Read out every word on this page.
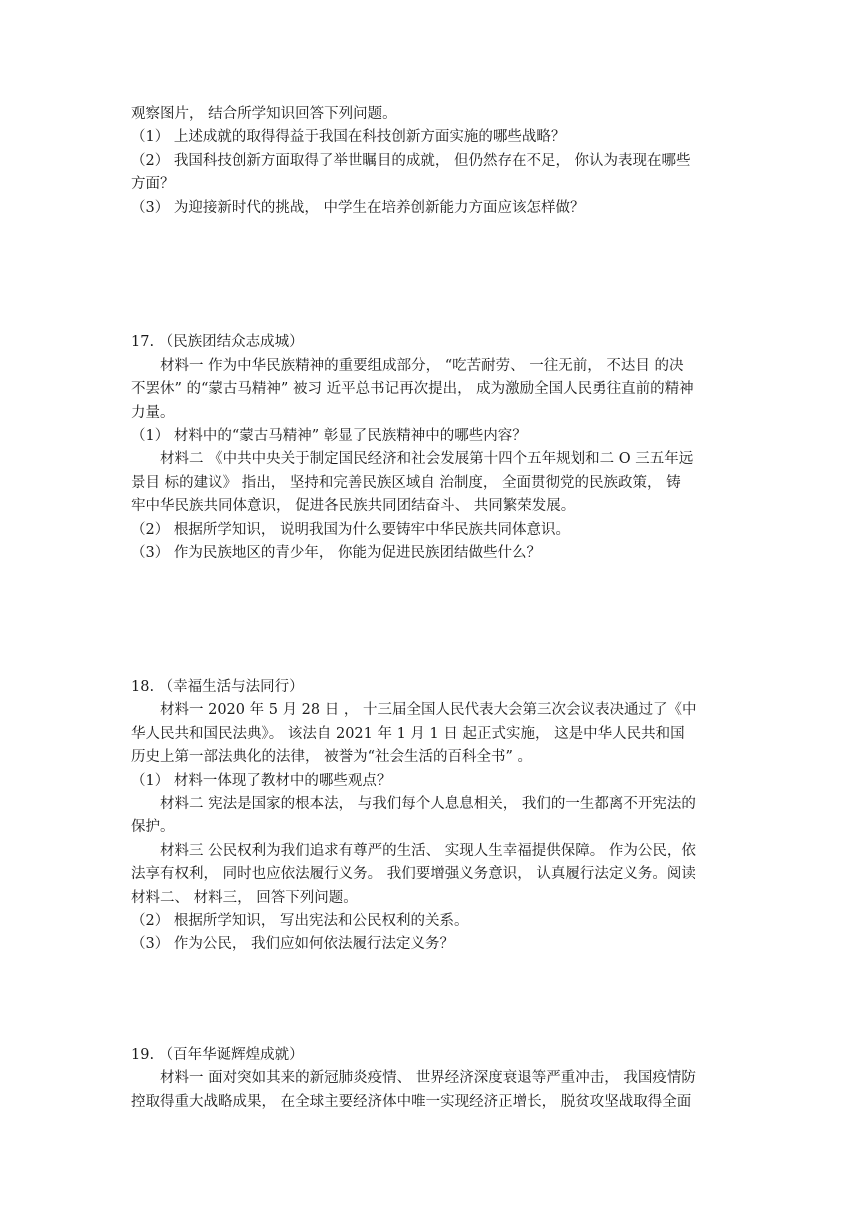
观察图片， 结合所学知识回答下列问题。
（1） 上述成就的取得得益于我国在科技创新方面实施的哪些战略？
（2） 我国科技创新方面取得了举世瞩目的成就， 但仍然存在不足， 你认为表现在哪些
方面？
（3） 为迎接新时代的挑战， 中学生在培养创新能力方面应该怎样做？
17. （民族团结众志成城）
材料一 作为中华民族精神的重要组成部分， “吃苦耐劳、 一往无前， 不达目 的决
不罢休” 的“蒙古马精神” 被习 近平总书记再次提出， 成为激励全国人民勇往直前的精神
力量。
（1） 材料中的“蒙古马精神” 彰显了民族精神中的哪些内容？
材料二 《中共中央关于制定国民经济和社会发展第十四个五年规划和二 O 三五年远
景目 标的建议》 指出， 坚持和完善民族区域自 治制度， 全面贯彻党的民族政策， 铸
牢中华民族共同体意识， 促进各民族共同团结奋斗、 共同繁荣发展。
（2） 根据所学知识， 说明我国为什么要铸牢中华民族共同体意识。
（3） 作为民族地区的青少年， 你能为促进民族团结做些什么？
18. （幸福生活与法同行）
材料一 2020 年 5 月 28 日 ， 十三届全国人民代表大会第三次会议表决通过了《中
华人民共和国民法典》。 该法自 2021 年 1 月 1 日 起正式实施， 这是中华人民共和国
历史上第一部法典化的法律， 被誉为“社会生活的百科全书” 。
（1） 材料一体现了教材中的哪些观点？
材料二 宪法是国家的根本法， 与我们每个人息息相关， 我们的一生都离不开宪法的
保护。
材料三 公民权利为我们追求有尊严的生活、 实现人生幸福提供保障。 作为公民，依
法享有权利， 同时也应依法履行义务。 我们要增强义务意识， 认真履行法定义务。阅读
材料二、 材料三， 回答下列问题。
（2） 根据所学知识， 写出宪法和公民权利的关系。
（3） 作为公民， 我们应如何依法履行法定义务？
19. （百年华诞辉煌成就）
材料一 面对突如其来的新冠肺炎疫情、 世界经济深度衰退等严重冲击， 我国疫情防
控取得重大战略成果， 在全球主要经济体中唯一实现经济正增长， 脱贫攻坚战取得全面
